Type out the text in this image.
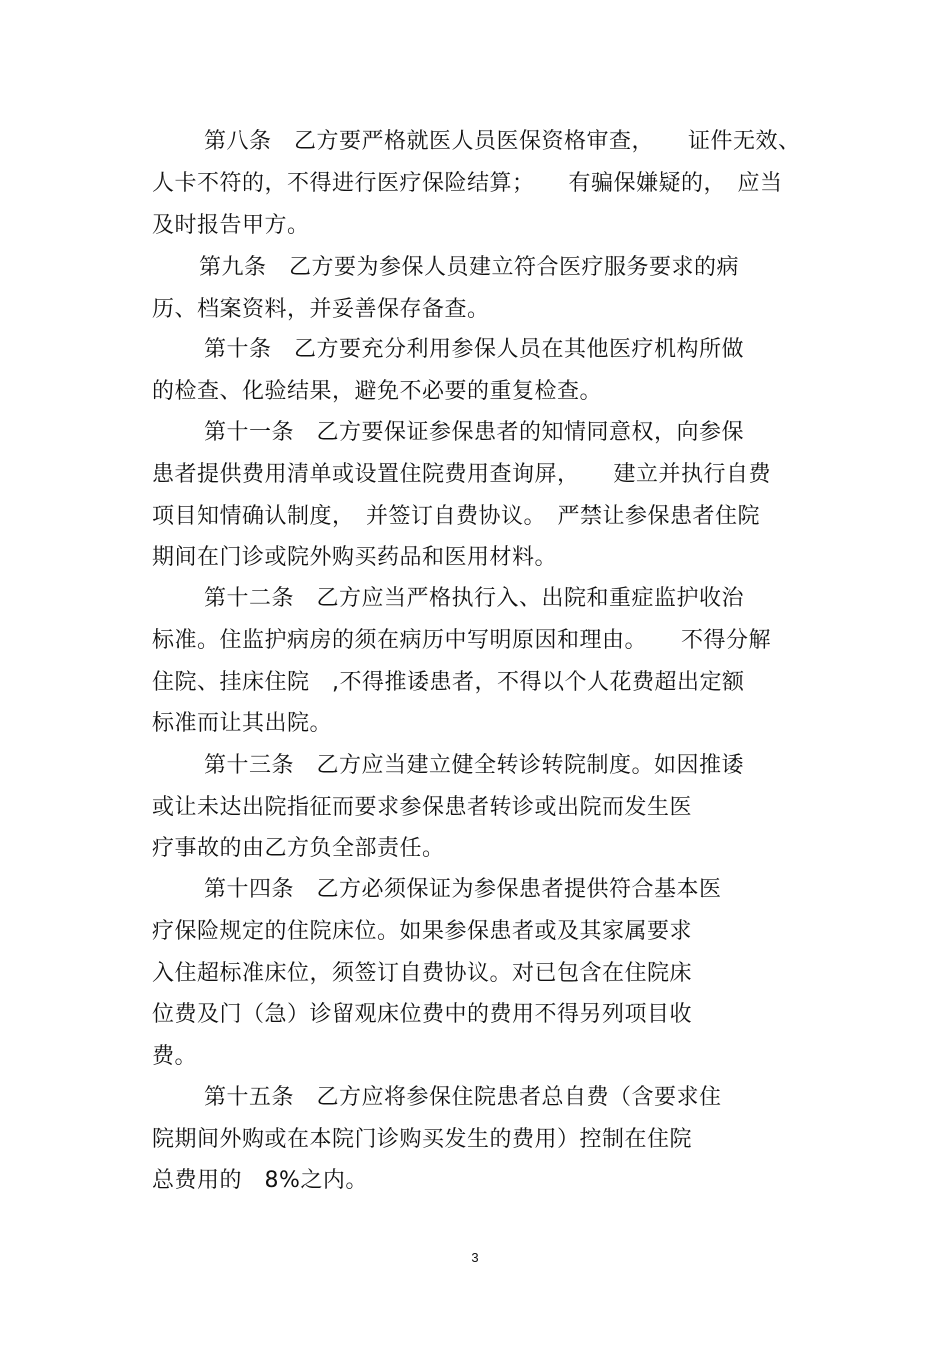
第八条　乙方要严格就医人员医保资格审查，　　证件无效、
人卡不符的，不得进行医疗保险结算；　　有骗保嫌疑的，　应当
及时报告甲方。
第九条　乙方要为参保人员建立符合医疗服务要求的病
历、档案资料，并妥善保存备查。
第十条　乙方要充分利用参保人员在其他医疗机构所做
的检查、化验结果，避免不必要的重复检查。
第十一条　乙方要保证参保患者的知情同意权，向参保
患者提供费用清单或设置住院费用查询屏，　　建立并执行自费
项目知情确认制度，　并签订自费协议。　严禁让参保患者住院
期间在门诊或院外购买药品和医用材料。
第十二条　乙方应当严格执行入、出院和重症监护收治
标准。住监护病房的须在病历中写明原因和理由。　　不得分解
住院、挂床住院　,不得推诿患者，不得以个人花费超出定额
标准而让其出院。
第十三条　乙方应当建立健全转诊转院制度。如因推诿
或让未达出院指征而要求参保患者转诊或出院而发生医
疗事故的由乙方负全部责任。
第十四条　乙方必须保证为参保患者提供符合基本医
疗保险规定的住院床位。如果参保患者或及其家属要求
入住超标准床位，须签订自费协议。对已包含在住院床
位费及门（急）诊留观床位费中的费用不得另列项目收
费。
第十五条　乙方应将参保住院患者总自费（含要求住
院期间外购或在本院门诊购买发生的费用）控制在住院
总费用的　8%之内。
3
